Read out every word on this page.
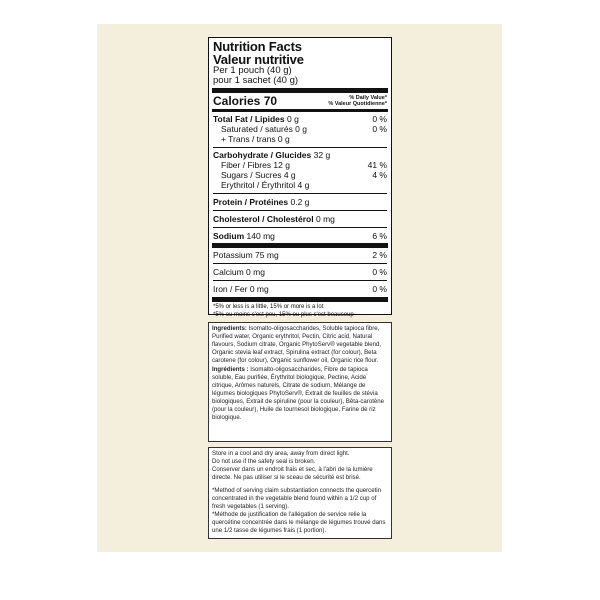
Nutrition Facts
Valeur nutritive
Per 1 pouch (40 g)
pour 1 sachet (40 g)
Calories 70	% Daily Value*
% Valeur Quotidienne*
Total Fat / Lipides 0 g	0 %
Saturated / saturés 0 g	0 %
+ Trans / trans 0 g
Carbohydrate / Glucides 32 g
Fiber / Fibres 12 g	41 %
Sugars / Sucres 4 g	4 %
Erythritol / Érythritol 4 g
Protein / Protéines 0.2 g
Cholesterol / Cholestérol 0 mg
Sodium 140 mg	6 %
Potassium 75 mg	2 %
Calcium 0 mg	0 %
Iron / Fer 0 mg	0 %
*5% or less is a little, 15% or more is a lot
*5% ou moins c'est peu, 15% ou plus c'est beaucoup

Ingredients: Isomalto-oligosaccharides, Soluble tapioca fibre, Purified water, Organic erythritol, Pectin, Citric acid, Natural flavours, Sodium citrate, Organic PhytoServ® vegetable blend, Organic stevia leaf extract, Spirulina extract (for colour), Beta carotene (for colour), Organic sunflower oil, Organic rice flour.

Ingrédients : Isomalto-oligosaccharides, Fibre de tapioca soluble, Eau purifiée, Érythritol biologique, Pectine, Acide citrique, Arômes naturels, Citrate de sodium, Mélange de légumes biologiques PhytoServ®, Extrait de feuilles de stévia biologiques, Extrait de spiruline (pour la couleur), Bêta-carotène (pour la couleur), Huile de tournesol biologique, Farine de riz biologique.

Store in a cool and dry area, away from direct light.

Do not use if the safety seal is broken.

Conserver dans un endroit frais et sec, à l'abri de la lumière directe. Ne pas utiliser si le sceau de sécurité est brisé.

*Method of serving claim substantiation connects the quercetin concentrated in the vegetable blend found within a 1/2 cup of fresh vegetables (1 serving).

*Méthode de justification de l'allégation de service relie la quercétine concentrée dans le mélange de légumes trouvé dans une 1/2 tasse de légumes frais (1 portion).
